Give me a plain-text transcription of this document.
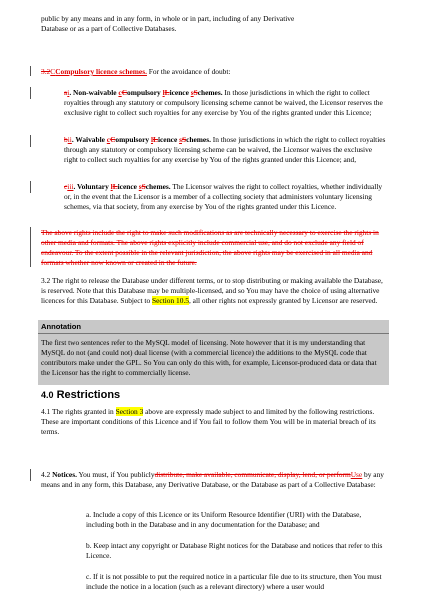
public by any means and in any form, in whole or in part, including of any Derivative
Database or as a part of Collective Databases.

3.2CCompulsory licence schemes. For the avoidance of doubt:

ai. Non-waivable cCompulsory lLicence sSchemes. In those jurisdictions in which the right to collect royalties through any statutory or compulsory licensing scheme cannot be waived, the Licensor reserves the exclusive right to collect such royalties for any exercise by You of the rights granted under this Licence;

bii. Waivable cCompulsory lLicence sSchemes. In those jurisdictions in which the right to collect royalties through any statutory or compulsory licensing scheme can be waived, the Licensor waives the exclusive right to collect such royalties for any exercise by You of the rights granted under this Licence; and,

ciii. Voluntary lLicence sSchemes. The Licensor waives the right to collect royalties, whether individually or, in the event that the Licensor is a member of a collecting society that administers voluntary licensing schemes, via that society, from any exercise by You of the rights granted under this Licence.

The above rights include the right to make such modifications as are technically necessary to exercise the rights in other media and formats. The above rights explicitly include commercial use, and do not exclude any field of endeavour. To the extent possible in the relevant jurisdiction, the above rights may be exercised in all media and formats whether now known or created in the future.

3.2 The right to release the Database under different terms, or to stop distributing or making available the Database, is reserved. Note that this Database may be multiple-licensed, and so You may have the choice of using alternative licences for this Database. Subject to Section 10.5, all other rights not expressly granted by Licensor are reserved.

Annotation
The first two sentences refer to the MySQL model of licensing. Note however that it is my understanding that MySQL do not (and could not) dual license (with a commercial licence) the additions to the MySQL code that contributors make under the GPL. So You can only do this with, for example, Licensor-produced data or data that the Licensor has the right to commercially license.
4.0 Restrictions

4.1 The rights granted in Section 3 above are expressly made subject to and limited by the following restrictions. These are important conditions of this Licence and if You fail to follow them You will be in material breach of its terms.

4.2 Notices. You must, if You publiclydistribute, make available, communicate, display, lend, or performUse by any means and in any form, this Database, any Derivative Database, or the Database as part of a Collective Database:

a. Include a copy of this Licence or its Uniform Resource Identifier (URI) with the Database, including both in the Database and in any documentation for the Database; and

b. Keep intact any copyright or Database Right notices for the Database and notices that refer to this Licence.

c. If it is not possible to put the required notice in a particular file due to its structure, then You must include the notice in a location (such as a relevant directory) where a user would
